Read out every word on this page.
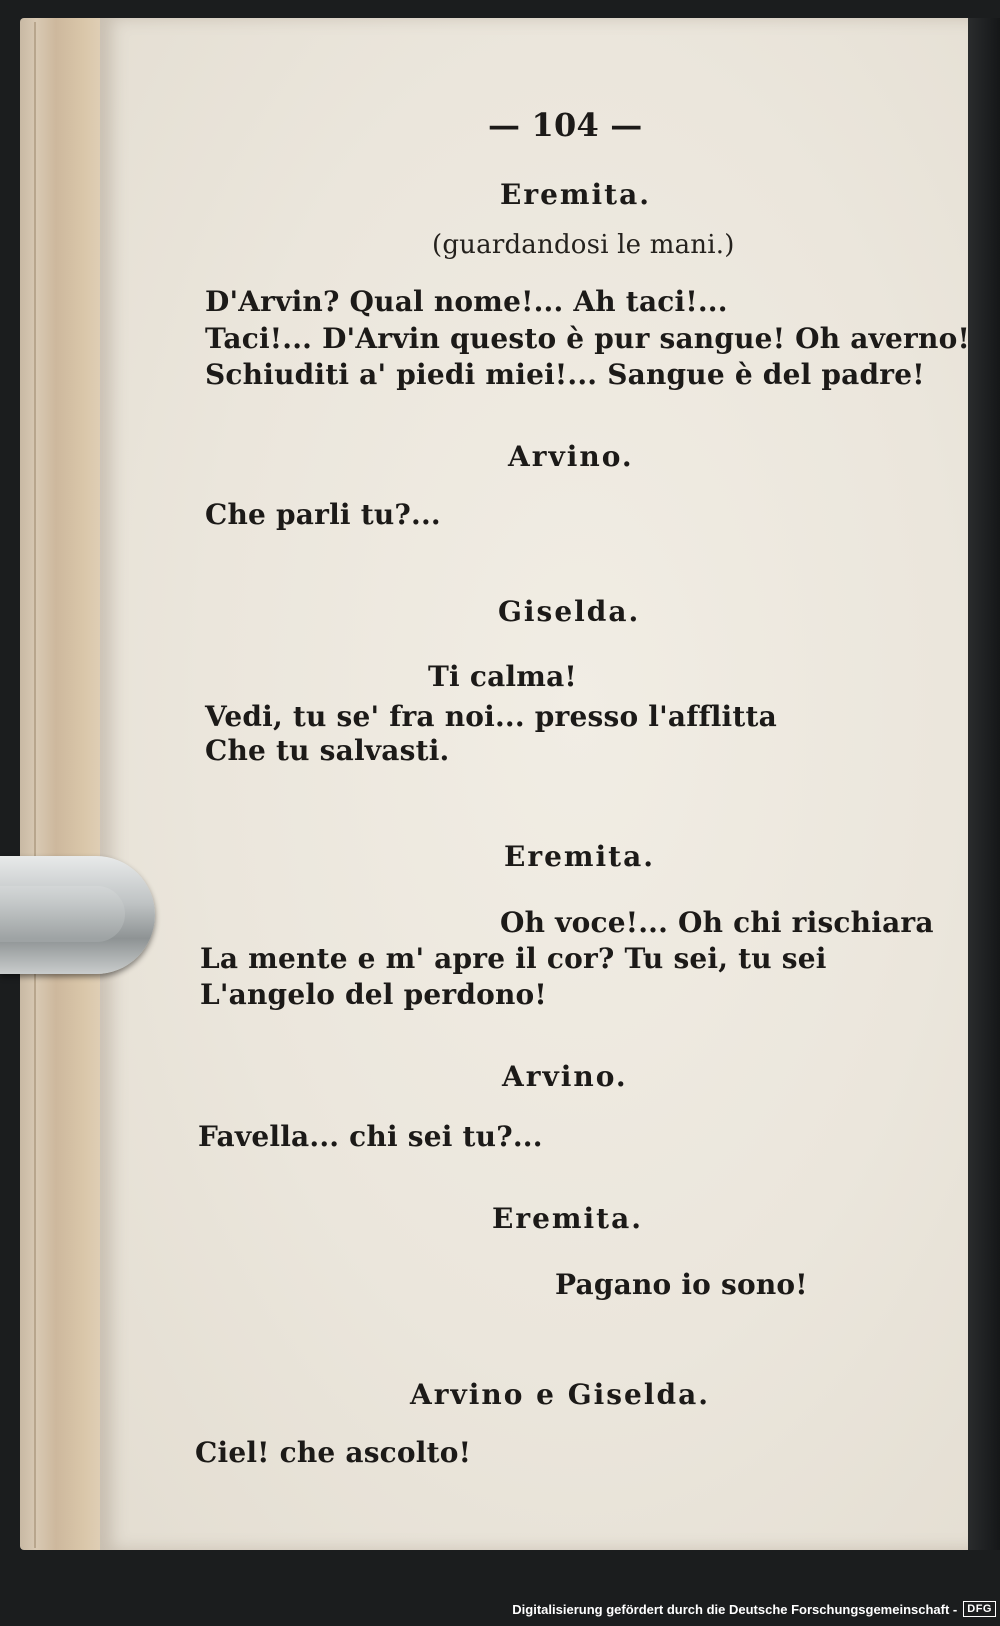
— 104 —
Eremita.
(guardandosi le mani.)
D'Arvin? Qual nome!... Ah taci!...
Taci!... D'Arvin questo è pur sangue! Oh averno!
Schiuditi a' piedi miei!... Sangue è del padre!
Arvino.
Che parli tu?...
Giselda.
Ti calma!
Vedi, tu se' fra noi... presso l'afflitta
Che tu salvasti.
Eremita.
Oh voce!... Oh chi rischiara
La mente e m' apre il cor? Tu sei, tu sei
L'angelo del perdono!
Arvino.
Favella... chi sei tu?...
Eremita.
Pagano io sono!
Arvino e Giselda.
Ciel! che ascolto!
Digitalisierung gefördert durch die Deutsche Forschungsgemeinschaft - DFG
